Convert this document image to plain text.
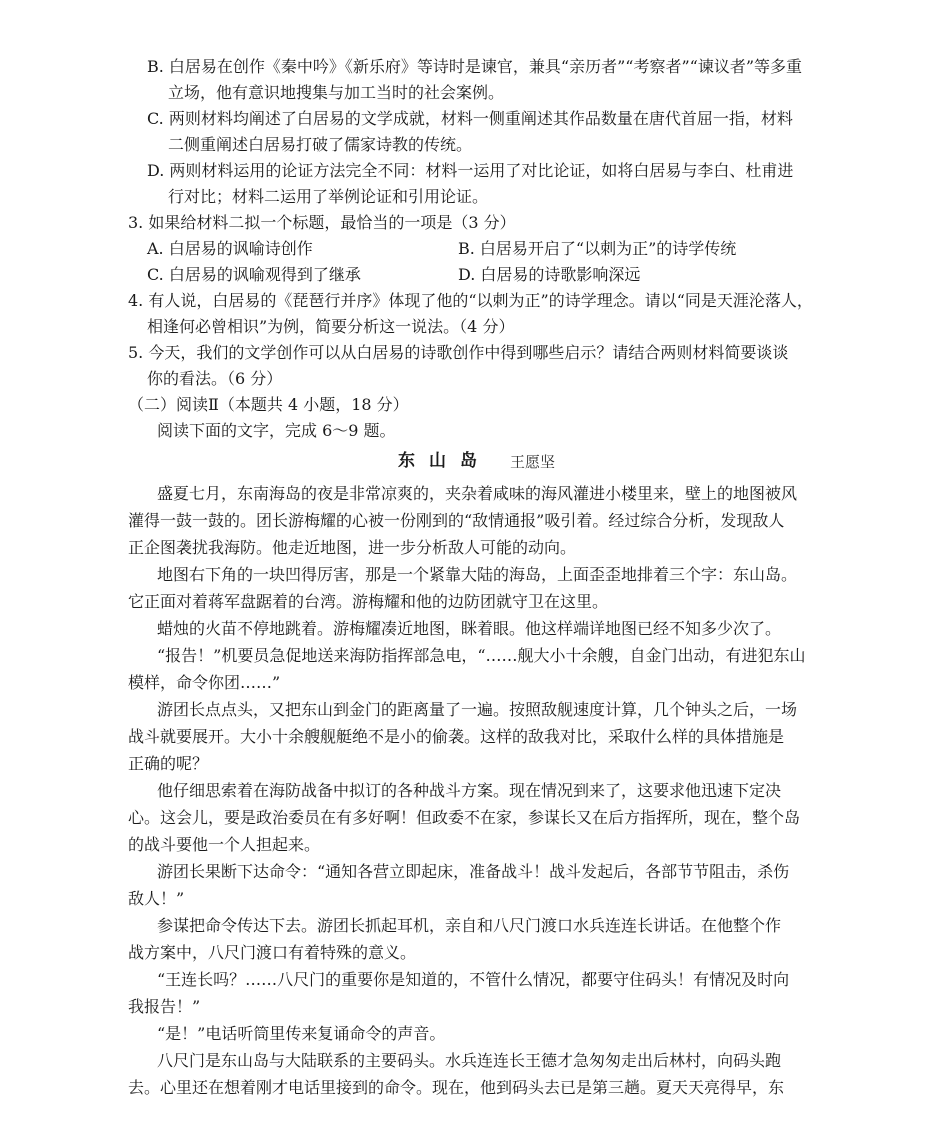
B. 白居易在创作《秦中吟》《新乐府》等诗时是谏官，兼具“亲历者”“考察者”“谏议者”等多重
立场，他有意识地搜集与加工当时的社会案例。
C. 两则材料均阐述了白居易的文学成就，材料一侧重阐述其作品数量在唐代首屈一指，材料
二侧重阐述白居易打破了儒家诗教的传统。
D. 两则材料运用的论证方法完全不同：材料一运用了对比论证，如将白居易与李白、杜甫进
行对比；材料二运用了举例论证和引用论证。
3. 如果给材料二拟一个标题，最恰当的一项是（3 分）
A. 白居易的讽喻诗创作	B. 白居易开启了“以刺为正”的诗学传统
C. 白居易的讽喻观得到了继承	D. 白居易的诗歌影响深远
4. 有人说，白居易的《琵琶行并序》体现了他的“以刺为正”的诗学理念。请以“同是天涯沦落人，
相逢何必曾相识”为例，简要分析这一说法。（4 分）
5. 今天，我们的文学创作可以从白居易的诗歌创作中得到哪些启示？请结合两则材料简要谈谈
你的看法。（6 分）
（二）阅读Ⅱ（本题共 4 小题，18 分）
阅读下面的文字，完成 6～9 题。
东山岛 王愿坚
盛夏七月，东南海岛的夜是非常凉爽的，夹杂着咸味的海风灌进小楼里来，壁上的地图被风
灌得一鼓一鼓的。团长游梅耀的心被一份刚到的“敌情通报”吸引着。经过综合分析，发现敌人
正企图袭扰我海防。他走近地图，进一步分析敌人可能的动向。
地图右下角的一块凹得厉害，那是一个紧靠大陆的海岛，上面歪歪地排着三个字：东山岛。
它正面对着蒋军盘踞着的台湾。游梅耀和他的边防团就守卫在这里。
蜡烛的火苗不停地跳着。游梅耀凑近地图，眯着眼。他这样端详地图已经不知多少次了。
“报告！”机要员急促地送来海防指挥部急电，“……舰大小十余艘，自金门出动，有进犯东山
模样，命令你团……”
游团长点点头，又把东山到金门的距离量了一遍。按照敌舰速度计算，几个钟头之后，一场
战斗就要展开。大小十余艘舰艇绝不是小的偷袭。这样的敌我对比，采取什么样的具体措施是
正确的呢？
他仔细思索着在海防战备中拟订的各种战斗方案。现在情况到来了，这要求他迅速下定决
心。这会儿，要是政治委员在有多好啊！但政委不在家，参谋长又在后方指挥所，现在，整个岛
的战斗要他一个人担起来。
游团长果断下达命令：“通知各营立即起床，准备战斗！战斗发起后，各部节节阻击，杀伤
敌人！”
参谋把命令传达下去。游团长抓起耳机，亲自和八尺门渡口水兵连连长讲话。在他整个作
战方案中，八尺门渡口有着特殊的意义。
“王连长吗？……八尺门的重要你是知道的，不管什么情况，都要守住码头！有情况及时向
我报告！”
“是！”电话听筒里传来复诵命令的声音。
八尺门是东山岛与大陆联系的主要码头。水兵连连长王德才急匆匆走出后林村，向码头跑
去。心里还在想着刚才电话里接到的命令。现在，他到码头去已是第三趟。夏天天亮得早，东
